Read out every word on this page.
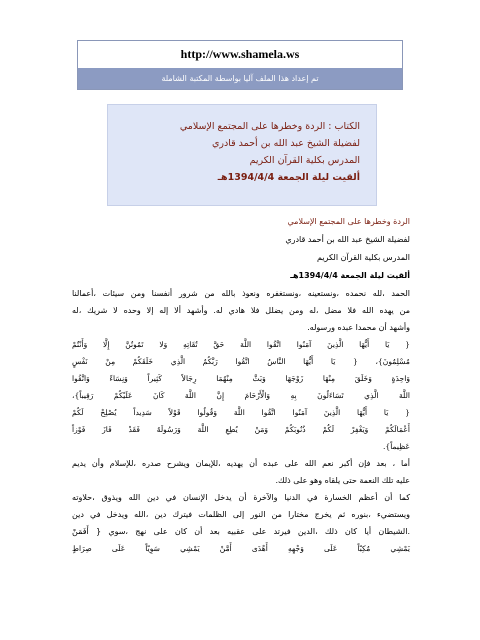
http://www.shamela.ws
تم إعداد هذا الملف آليا بواسطة المكتبة الشاملة
الكتاب : الردة وخطرها على المجتمع الإسلامي
لفضيلة الشيخ عبد الله بن أحمد قادري
المدرس بكلية القرآن الكريم
ألقيت ليلة الجمعة 1394/4/4هـ
الردة وخطرها على المجتمع الإسلامي
لفضيلة الشيخ عبد الله بن أحمد قادري
المدرس بكلية القرآن الكريم
ألقيت ليلة الجمعة 1394/4/4هـ
الحمد ،لله نحمده ،ونستعينه ،ونستغفره ونعوذ بالله من شرور أنفسنا ومن سيئات ،أعمالنا
من يهده الله فلا مضل ،له ومن يضلل فلا هادي له. وأشهد ألا إله إلا وحده لا شريك ،له
وأشهد أن محمدا عبده ورسوله.
{ يَا أَيُّهَا الَّذِينَ آمَنُوا اتَّقُوا اللَّهَ حَقَّ تُقَاتِهِ وَلا تَمُوتُنَّ إِلَّا وَأَنْتُمْ
مُسْلِمُونَ}، { يَا أَيُّهَا النَّاسُ اتَّقُوا رَبَّكُمُ الَّذِي خَلَقَكُمْ مِنْ نَفْسٍ
وَاحِدَةٍ وَخَلَقَ مِنْهَا زَوْجَهَا وَبَثَّ مِنْهُمَا رِجَالاً كَثِيراً وَنِسَاءً وَاتَّقُوا
اللَّهَ الَّذِي تَسَاءَلُونَ بِهِ وَالْأَرْحَامَ إِنَّ اللَّهَ كَانَ عَلَيْكُمْ رَقِيباً}،
{ يَا أَيُّهَا الَّذِينَ آمَنُوا اتَّقُوا اللَّهَ وَقُولُوا قَوْلاً سَدِيداً يُصْلِحْ لَكُمْ
أَعْمَالَكُمْ وَيَغْفِرْ لَكُمْ ذُنُوبَكُمْ وَمَنْ يُطِعِ اللَّهَ وَرَسُولَهُ فَقَدْ فَازَ فَوْزاً
عَظِيماً}.
أما ، بعد فإن أكبر نعم الله على عبده أن يهديه ،للإيمان ويشرح صدره ،للإسلام وأن يديم
عليه تلك النعمة حتى يلقاه وهو على ذلك.
كما أن أعظم الخسارة في الدنيا والآخرة أن يدخل الإنسان في دين الله ويذوق ،حلاوته
ويستضيء ،بنوره ثم يخرج مختارا من النور إلى الظلمات فيترك دين ،الله ويدخل في دين
.الشيطان أيا كان ذلك ،الدين فيرتد على عقبيه بعد أن كان على نهج ،سوي { أَفَمَنْ
يَمْشِي مُكِبّاً عَلَى وَجْهِهِ أَهْدَى أَمَّنْ يَمْشِي سَوِيّاً عَلَى صِرَاطٍ
